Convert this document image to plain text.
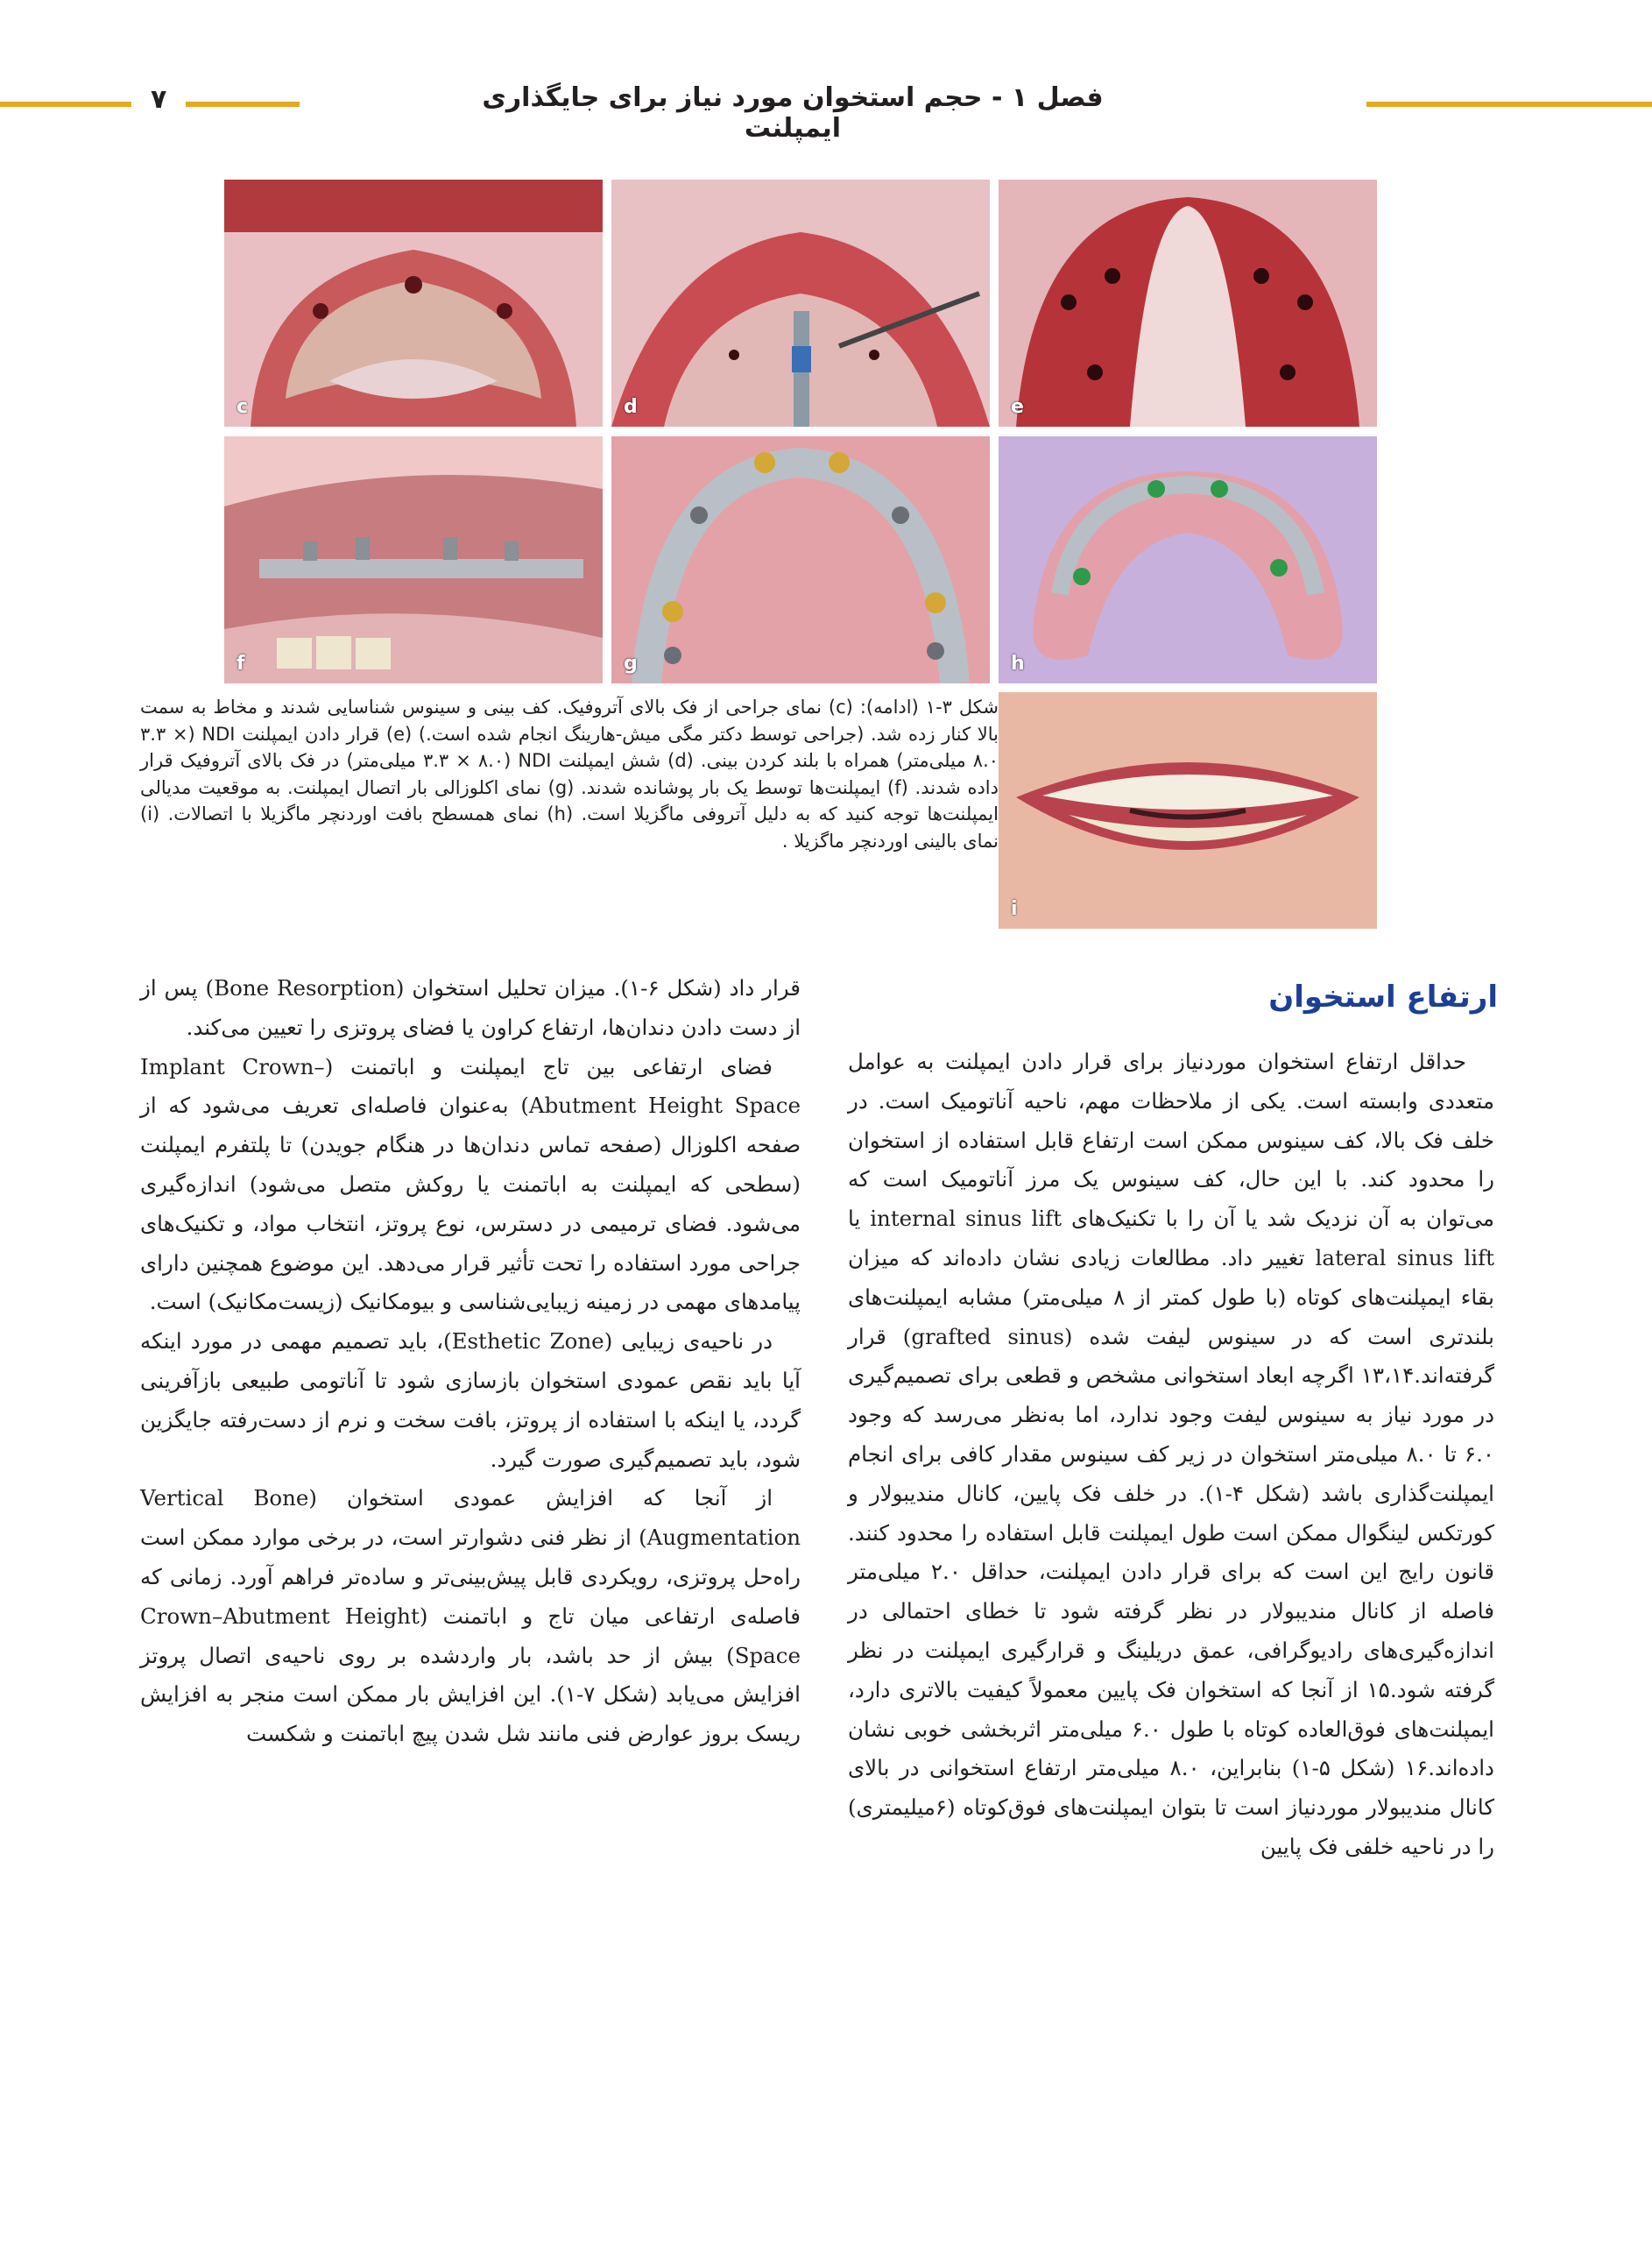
۷	فصل ۱ - حجم استخوان مورد نیاز برای جایگذاری ایمپلنت
c	d	e
f	g	h
i
شکل ۳-۱ (ادامه): (c) نمای جراحی از فک بالای آتروفیک. کف بینی و سینوس شناسایی شدند و مخاط به سمت بالا کنار زده شد. (جراحی توسط دکتر مگی میش-هارینگ انجام شده است.) (e) قرار دادن ایمپلنت NDI (۳.۳ × ۸.۰ میلی‌متر) همراه با بلند کردن بینی. (d) شش ایمپلنت NDI (۳.۳ × ۸.۰ میلی‌متر) در فک بالای آتروفیک قرار داده شدند. (f) ایمپلنت‌ها توسط یک بار پوشانده شدند. (g) نمای اکلوزالی بار اتصال ایمپلنت. به موقعیت مدیالی ایمپلنت‌ها توجه کنید که به دلیل آتروفی ماگزیلا است. (h) نمای همسطح بافت اوردنچر ماگزیلا با اتصالات. (i) نمای بالینی اوردنچر ماگزیلا .
ارتفاع استخوان

حداقل ارتفاع استخوان موردنیاز برای قرار دادن ایمپلنت به عوامل متعددی وابسته است. یکی از ملاحظات مهم، ناحیه آناتومیک است. در خلف فک بالا، کف سینوس ممکن است ارتفاع قابل استفاده از استخوان را محدود کند. با این حال، کف سینوس یک مرز آناتومیک است که می‌توان به آن نزدیک شد یا آن را با تکنیک‌های internal sinus lift یا lateral sinus lift تغییر داد. مطالعات زیادی نشان داده‌اند که میزان بقاء ایمپلنت‌های کوتاه (با طول کمتر از ۸ میلی‌متر) مشابه ایمپلنت‌های بلندتری است که در سینوس لیفت شده (grafted sinus) قرار گرفته‌اند.۱۳،۱۴ اگرچه ابعاد استخوانی مشخص و قطعی برای تصمیم‌گیری در مورد نیاز به سینوس لیفت وجود ندارد، اما به‌نظر می‌رسد که وجود ۶.۰ تا ۸.۰ میلی‌متر استخوان در زیر کف سینوس مقدار کافی برای انجام ایمپلنت‌گذاری باشد (شکل ۴-۱). در خلف فک پایین، کانال مندیبولار و کورتکس لینگوال ممکن است طول ایمپلنت قابل استفاده را محدود کنند. قانون رایج این است که برای قرار دادن ایمپلنت، حداقل ۲.۰ میلی‌متر فاصله از کانال مندیبولار در نظر گرفته شود تا خطای احتمالی در اندازه‌گیری‌های رادیوگرافی، عمق دریلینگ و قرارگیری ایمپلنت در نظر گرفته شود.۱۵ از آنجا که استخوان فک پایین معمولاً کیفیت بالاتری دارد، ایمپلنت‌های فوق‌العاده کوتاه با طول ۶.۰ میلی‌متر اثربخشی خوبی نشان داده‌اند.۱۶ (شکل ۵-۱) بنابراین، ۸.۰ میلی‌متر ارتفاع استخوانی در بالای کانال مندیبولار موردنیاز است تا بتوان ایمپلنت‌های فوق‌کوتاه (۶میلیمتری) را در ناحیه خلفی فک پایین

قرار داد (شکل ۶-۱). میزان تحلیل استخوان (Bone Resorption) پس از از دست دادن دندان‌ها، ارتفاع کراون یا فضای پروتزی را تعیین می‌کند.

فضای ارتفاعی بین تاج ایمپلنت و اباتمنت (Implant Crown–Abutment Height Space) به‌عنوان فاصله‌ای تعریف می‌شود که از صفحه اکلوزال (صفحه تماس دندان‌ها در هنگام جویدن) تا پلتفرم ایمپلنت (سطحی که ایمپلنت به اباتمنت یا روکش متصل می‌شود) اندازه‌گیری می‌شود. فضای ترمیمی در دسترس، نوع پروتز، انتخاب مواد، و تکنیک‌های جراحی مورد استفاده را تحت تأثیر قرار می‌دهد. این موضوع همچنین دارای پیامدهای مهمی در زمینه زیبایی‌شناسی و بیومکانیک (زیست‌مکانیک) است.

در ناحیه‌ی زیبایی (Esthetic Zone)، باید تصمیم مهمی در مورد اینکه آیا باید نقص عمودی استخوان بازسازی شود تا آناتومی طبیعی بازآفرینی گردد، یا اینکه با استفاده از پروتز، بافت سخت و نرم از دست‌رفته جایگزین شود، باید تصمیم‌گیری صورت گیرد.

از آنجا که افزایش عمودی استخوان (Vertical Bone Augmentation) از نظر فنی دشوارتر است، در برخی موارد ممکن است راه‌حل پروتزی، رویکردی قابل پیش‌بینی‌تر و ساده‌تر فراهم آورد. زمانی که فاصله‌ی ارتفاعی میان تاج و اباتمنت (Crown–Abutment Height Space) بیش از حد باشد، بار واردشده بر روی ناحیه‌ی اتصال پروتز افزایش می‌یابد (شکل ۷-۱). این افزایش بار ممکن است منجر به افزایش ریسک بروز عوارض فنی مانند شل شدن پیچ اباتمنت و شکست
